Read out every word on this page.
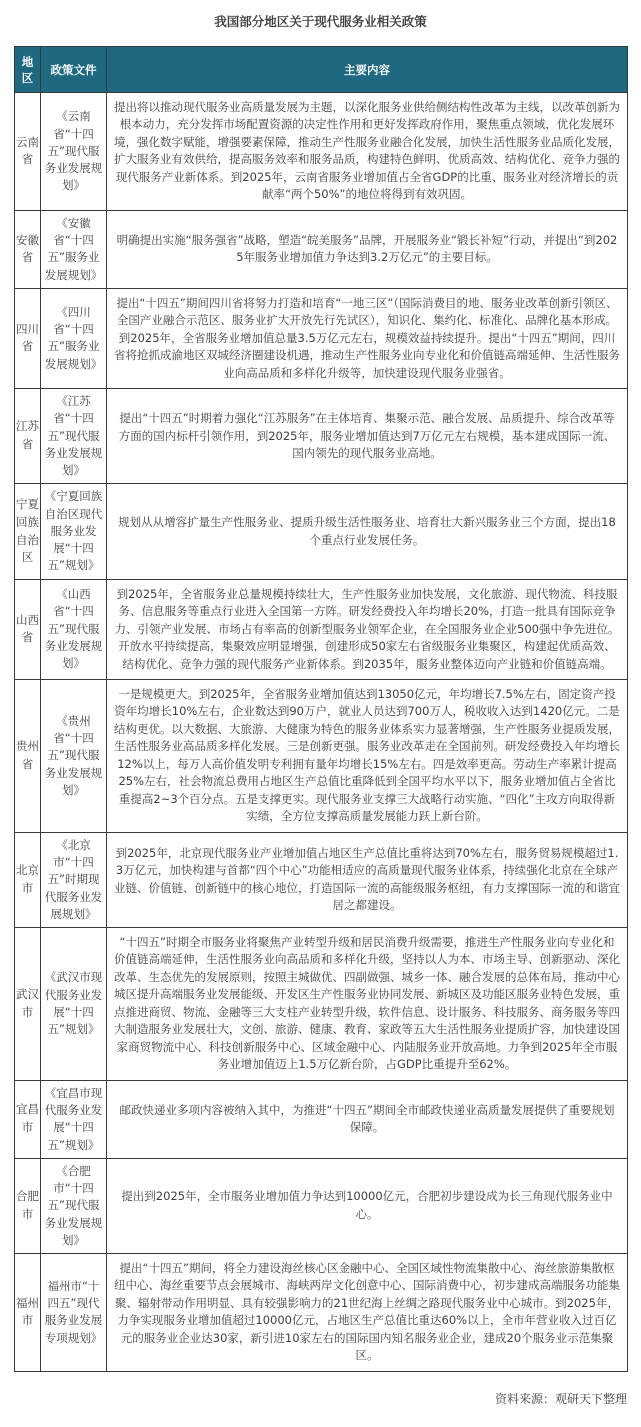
我国部分地区关于现代服务业相关政策
地区	政策文件	主要内容
云南省	《云南省“十四五”现代服务业发展规划》	提出将以推动现代服务业高质量发展为主题，以深化服务业供给侧结构性改革为主线，以改革创新为根本动力，充分发挥市场配置资源的决定性作用和更好发挥政府作用，聚焦重点领域，优化发展环境，强化数字赋能，增强要素保障，推动生产性服务业融合化发展，加快生活性服务业品质化发展，扩大服务业有效供给，提高服务效率和服务品质，构建特色鲜明、优质高效、结构优化、竞争力强的现代服务产业新体系。到2025年，云南省服务业增加值占全省GDP的比重、服务业对经济增长的贡献率“两个50%”的地位将得到有效巩固。
安徽省	《安徽省“十四五”服务业发展规划》	明确提出实施“服务强省”战略，塑造“皖美服务”品牌，开展服务业“锻长补短”行动，并提出“到2025年服务业增加值力争达到3.2万亿元”的主要目标。
四川省	《四川省“十四五”服务业发展规划》	提出“十四五”期间四川省将努力打造和培育“一地三区”（国际消费目的地、服务业改革创新引领区、全国产业融合示范区、服务业扩大开放先行先试区），知识化、集约化、标准化、品牌化基本形成。到2025年，全省服务业增加值总量3.5万亿元左右，规模效益持续提升。提出“十四五”期间，四川省将抢抓成渝地区双城经济圈建设机遇，推动生产性服务业向专业化和价值链高端延伸、生活性服务业向高品质和多样化升级等，加快建设现代服务业强省。
江苏省	《江苏省“十四五”现代服务业发展规划》	提出“十四五”时期着力强化“江苏服务”在主体培育、集聚示范、融合发展、品质提升、综合改革等方面的国内标杆引领作用，到2025年，服务业增加值达到7万亿元左右规模，基本建成国际一流、国内领先的现代服务业高地。
宁夏回族自治区	《宁夏回族自治区现代服务业发展“十四五”规划》	规划从从增容扩量生产性服务业、提质升级生活性服务业、培育壮大新兴服务业三个方面，提出18个重点行业发展任务。
山西省	《山西省“十四五”现代服务业发展规划》	到2025年，全省服务业总量规模持续壮大，生产性服务业加快发展，文化旅游、现代物流、科技服务、信息服务等重点行业进入全国第一方阵。研发经费投入年均增长20%，打造一批具有国际竞争力、引领产业发展、市场占有率高的创新型服务业领军企业，在全国服务业企业500强中争先进位。开放水平持续提高，集聚效应明显增强，创建形成50家左右省级服务业集聚区，构建起优质高效、结构优化、竞争力强的现代服务产业新体系。到2035年，服务业整体迈向产业链和价值链高端。
贵州省	《贵州省“十四五”现代服务业发展规划》	一是规模更大。到2025年，全省服务业增加值达到13050亿元，年均增长7.5%左右，固定资产投资年均增长10%左右，企业数达到90万户，就业人员达到700万人，税收收入达到1420亿元。二是结构更优。以大数据、大旅游、大健康为特色的服务业体系实力显著增强，生产性服务业提质发展，生活性服务业高品质多样化发展。三是创新更强。服务业改革走在全国前列。研发经费投入年均增长12%以上，每万人高价值发明专利拥有量年均增长15%左右。四是效率更高。劳动生产率累计提高25%左右，社会物流总费用占地区生产总值比重降低到全国平均水平以下，服务业增加值占全省比重提高2~3个百分点。五是支撑更实。现代服务业支撑三大战略行动实施、“四化”主攻方向取得新实绩，全方位支撑高质量发展能力跃上新台阶。
北京市	《北京市“十四五”时期现代服务业发展规划》	到2025年，北京现代服务业产业增加值占地区生产总值比重将达到70%左右，服务贸易规模超过1.3万亿元，加快构建与首都“四个中心”功能相适应的高质量现代服务业体系，持续强化北京在全球产业链、价值链、创新链中的核心地位，打造国际一流的高能级服务枢纽，有力支撑国际一流的和谐宜居之都建设。
武汉市	《武汉市现代服务业发展“十四五”规划》	“十四五”时期全市服务业将聚焦产业转型升级和居民消费升级需要，推进生产性服务业向专业化和价值链高端延伸，生活性服务业向高品质和多样化升级，坚持以人为本、市场主导、创新驱动、深化改革、生态优先的发展原则，按照主城做优、四副做强、城乡一体、融合发展的总体布局，推动中心城区提升高端服务业发展能级、开发区生产性服务业协同发展、新城区及功能区服务业特色发展，重点推进商贸、物流、金融等三大支柱产业转型升级，软件信息、设计服务、科技服务、商务服务等四大制造服务业发展壮大，文创、旅游、健康、教育、家政等五大生活性服务业提质扩容，加快建设国家商贸物流中心、科技创新服务中心、区域金融中心、内陆服务业开放高地。力争到2025年全市服务业增加值迈上1.5万亿新台阶，占GDP比重提升至62%。
宜昌市	《宜昌市现代服务业发展“十四五”规划》	邮政快递业多项内容被纳入其中，为推进“十四五”期间全市邮政快递业高质量发展提供了重要规划保障。
合肥市	《合肥市“十四五”现代服务业发展规划》	提出到2025年，全市服务业增加值力争达到10000亿元，合肥初步建设成为长三角现代服务业中心。
福州市	福州市“十四五”现代服务业发展专项规划》	提出“十四五”期间，将全力建设海丝核心区金融中心、全国区域性物流集散中心、海丝旅游集散枢纽中心、海丝重要节点会展城市、海峡两岸文化创意中心、国际消费中心，初步建成高端服务功能集聚、辐射带动作用明显、具有较强影响力的21世纪海上丝绸之路现代服务业中心城市。到2025年，力争实现服务业增加值超过10000亿元，占地区生产总值比重达60%以上，全市年营业收入过百亿元的服务业企业达30家，新引进10家左右的国际国内知名服务业企业，建成20个服务业示范集聚区。
资料来源：观研天下整理
